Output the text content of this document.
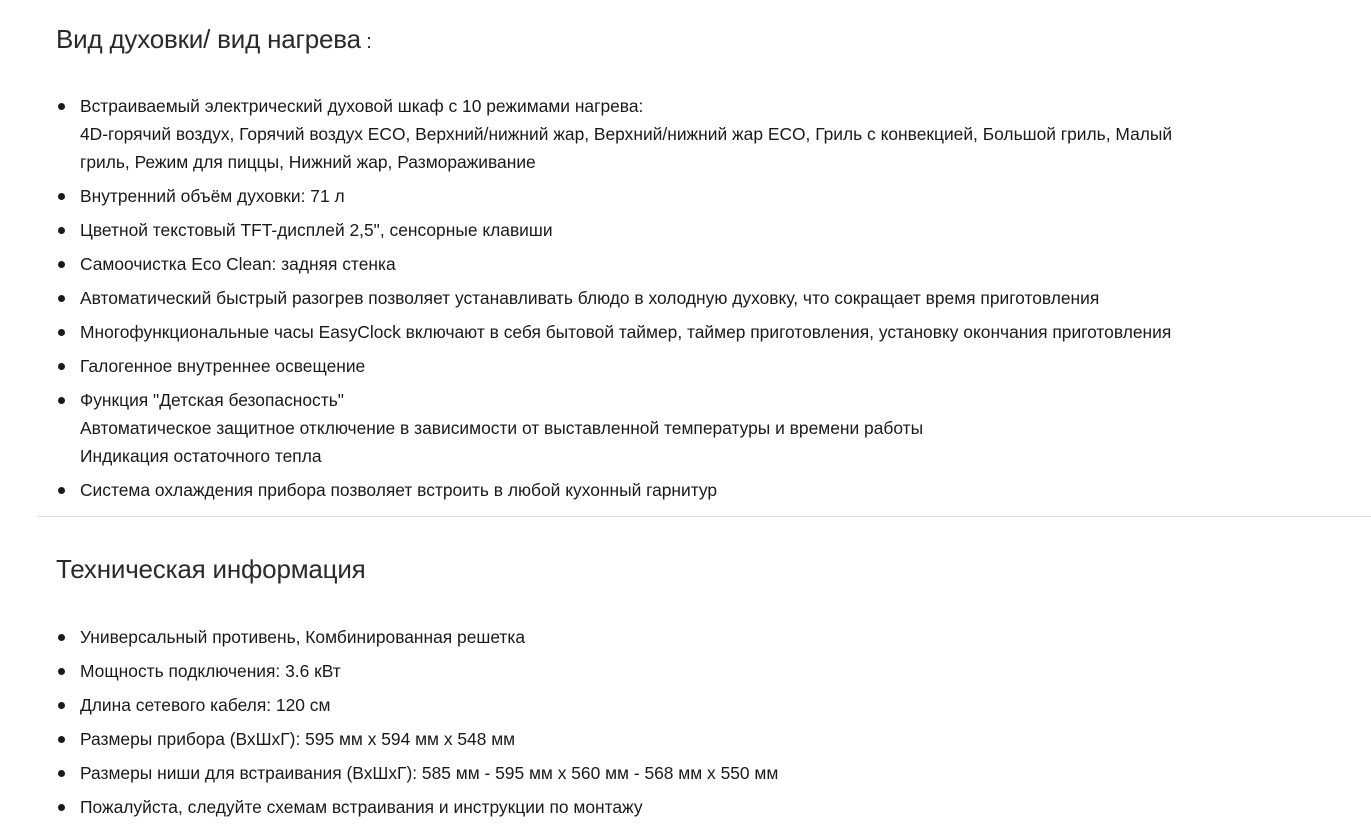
Вид духовки/ вид нагрева :
Встраиваемый электрический духовой шкаф с 10 режимами нагрева:
4D-горячий воздух, Горячий воздух ECO, Верхний/нижний жар, Верхний/нижний жар ECO, Гриль с конвекцией, Большой гриль, Малый
гриль, Режим для пиццы, Нижний жар, Размораживание
Внутренний объём духовки: 71 л
Цветной текстовый TFT-дисплей 2,5", сенсорные клавиши
Самоочистка Eco Clean: задняя стенка
Автоматический быстрый разогрев позволяет устанавливать блюдо в холодную духовку, что сокращает время приготовления
Многофункциональные часы EasyClock включают в себя бытовой таймер, таймер приготовления, установку окончания приготовления
Галогенное внутреннее освещение
Функция "Детская безопасность"
Автоматическое защитное отключение в зависимости от выставленной температуры и времени работы
Индикация остаточного тепла
Система охлаждения прибора позволяет встроить в любой кухонный гарнитур
Техническая информация
Универсальный противень, Комбинированная решетка
Мощность подключения: 3.6 кВт
Длина сетевого кабеля: 120 см
Размеры прибора (ВхШхГ): 595 мм x 594 мм x 548 мм
Размеры ниши для встраивания (ВхШхГ): 585 мм - 595 мм x 560 мм - 568 мм x 550 мм
Пожалуйста, следуйте схемам встраивания и инструкции по монтажу
